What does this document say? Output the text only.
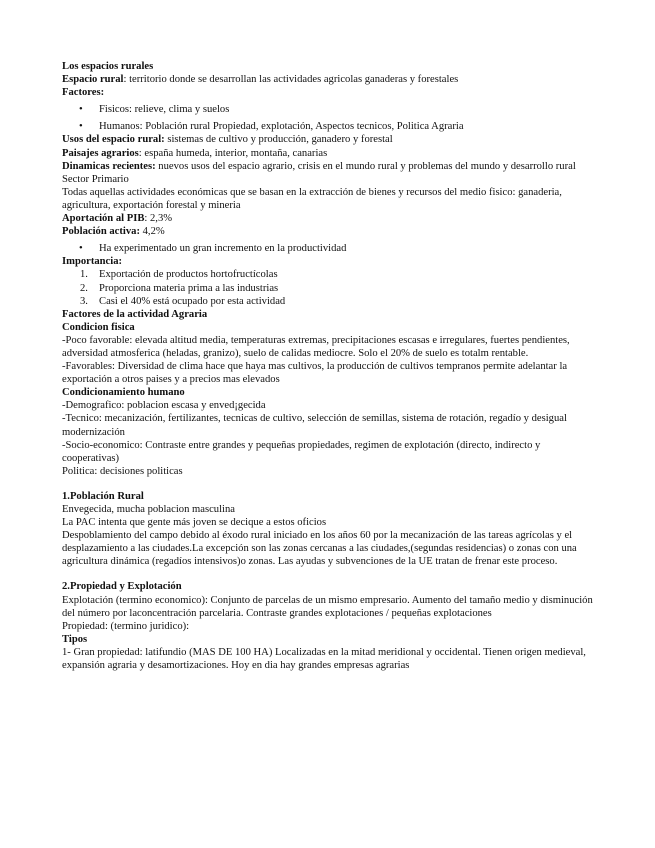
Los espacios rurales
Espacio rural: territorio donde se desarrollan las actividades agricolas ganaderas y forestales
Factores:
• Fisicos: relieve, clima y suelos
• Humanos: Población rural Propiedad, explotación, Aspectos tecnicos, Politica Agraria
Usos del espacio rural: sistemas de cultivo y producción, ganadero y forestal
Paisajes agrarios: españa humeda, interior, montaña, canarias
Dinamicas recientes: nuevos usos del espacio agrario, crisis en el mundo rural y problemas del mundo y desarrollo rural
Sector Primario
Todas aquellas actividades económicas que se basan en la extracción de bienes y recursos del medio fisico: ganaderia, agricultura, exportación forestal y mineria
Aportación al PIB: 2,3%
Población activa: 4,2%
• Ha experimentado un gran incremento en la productividad
Importancia:
1. Exportación de productos hortofructícolas
2. Proporciona materia prima a las industrias
3. Casi el 40% está ocupado por esta actividad
Factores de la actividad Agraria
Condicion fisica
-Poco favorable: elevada altitud media, temperaturas extremas, precipitaciones escasas e irregulares, fuertes pendientes, adversidad atmosferica (heladas, granizo), suelo de calidas mediocre. Solo el 20% de suelo es totalm rentable.
-Favorables: Diversidad de clima hace que haya mas cultivos, la producción de cultivos tempranos permite adelantar la exportación a otros paises y a precios mas elevados
Condicionamiento humano
-Demografico: poblacion escasa y enved¡gecida
-Tecnico: mecanización, fertilizantes, tecnicas de cultivo, selección de semillas, sistema de rotación, regadío y desigual modernización
-Socio-economico: Contraste entre grandes y pequeñas propiedades, regimen de explotación (directo, indirecto y cooperativas)
Politica: decisiones politicas
1.Población Rural
Envegecida, mucha poblacion masculina
La PAC intenta que gente más joven se decique a estos oficios
Despoblamiento del campo debido al éxodo rural iniciado en los años 60 por la mecanización de las tareas agrícolas y el desplazamiento a las ciudades.La excepción son las zonas cercanas a las ciudades,(segundas residencias) o zonas con una agricultura dinámica (regadíos intensivos)o zonas. Las ayudas y subvenciones de la UE tratan de frenar este proceso.
2.Propiedad y Explotación
Explotación (termino economico): Conjunto de parcelas de un mismo empresario. Aumento del tamaño medio y disminución del número por laconcentración parcelaria. Contraste grandes explotaciones / pequeñas explotaciones
Propiedad: (termino juridico):
Tipos
1- Gran propiedad: latifundio (MAS DE 100 HA) Localizadas en la mitad meridional y occidental. Tienen origen medieval, expansión agraria y desamortizaciones. Hoy en dia hay grandes empresas agrarias
